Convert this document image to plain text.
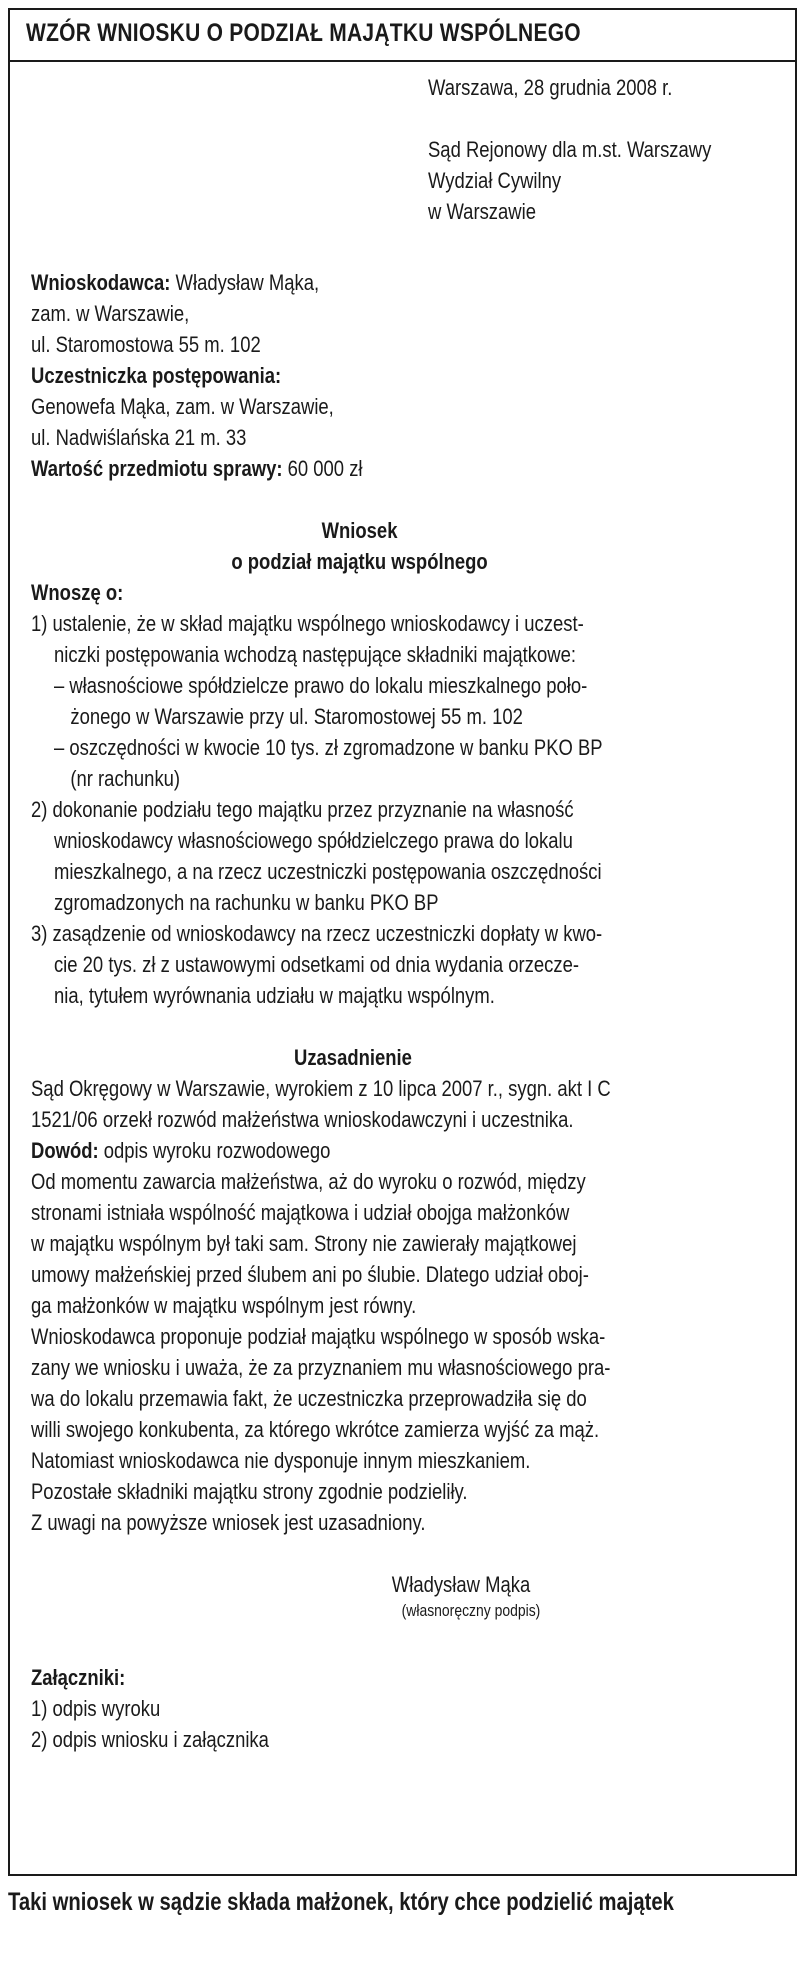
WZÓR WNIOSKU O PODZIAŁ MAJĄTKU WSPÓLNEGO
Warszawa, 28 grudnia 2008 r.
Sąd Rejonowy dla m.st. Warszawy
Wydział Cywilny
w Warszawie
Wnioskodawca: Władysław Mąka,
zam. w Warszawie,
ul. Staromostowa 55 m. 102
Uczestniczka postępowania:
Genowefa Mąka, zam. w Warszawie,
ul. Nadwiślańska 21 m. 33
Wartość przedmiotu sprawy: 60 000 zł
Wniosek
o podział majątku wspólnego
Wnoszę o:
1) ustalenie, że w skład majątku wspólnego wnioskodawcy i uczest-
niczki postępowania wchodzą następujące składniki majątkowe:
– własnościowe spółdzielcze prawo do lokalu mieszkalnego poło-
żonego w Warszawie przy ul. Staromostowej 55 m. 102
– oszczędności w kwocie 10 tys. zł zgromadzone w banku PKO BP
(nr rachunku)
2) dokonanie podziału tego majątku przez przyznanie na własność
wnioskodawcy własnościowego spółdzielczego prawa do lokalu
mieszkalnego, a na rzecz uczestniczki postępowania oszczędności
zgromadzonych na rachunku w banku PKO BP
3) zasądzenie od wnioskodawcy na rzecz uczestniczki dopłaty w kwo-
cie 20 tys. zł z ustawowymi odsetkami od dnia wydania orzecze-
nia, tytułem wyrównania udziału w majątku wspólnym.
Uzasadnienie
Sąd Okręgowy w Warszawie, wyrokiem z 10 lipca 2007 r., sygn. akt I C
1521/06 orzekł rozwód małżeństwa wnioskodawczyni i uczestnika.
Dowód: odpis wyroku rozwodowego
Od momentu zawarcia małżeństwa, aż do wyroku o rozwód, między
stronami istniała wspólność majątkowa i udział obojga małżonków
w majątku wspólnym był taki sam. Strony nie zawierały majątkowej
umowy małżeńskiej przed ślubem ani po ślubie. Dlatego udział oboj-
ga małżonków w majątku wspólnym jest równy.
Wnioskodawca proponuje podział majątku wspólnego w sposób wska-
zany we wniosku i uważa, że za przyznaniem mu własnościowego pra-
wa do lokalu przemawia fakt, że uczestniczka przeprowadziła się do
willi swojego konkubenta, za którego wkrótce zamierza wyjść za mąż.
Natomiast wnioskodawca nie dysponuje innym mieszkaniem.
Pozostałe składniki majątku strony zgodnie podzieliły.
Z uwagi na powyższe wniosek jest uzasadniony.
Władysław Mąka
(własnoręczny podpis)
Załączniki:
1) odpis wyroku
2) odpis wniosku i załącznika
Taki wniosek w sądzie składa małżonek, który chce podzielić majątek
